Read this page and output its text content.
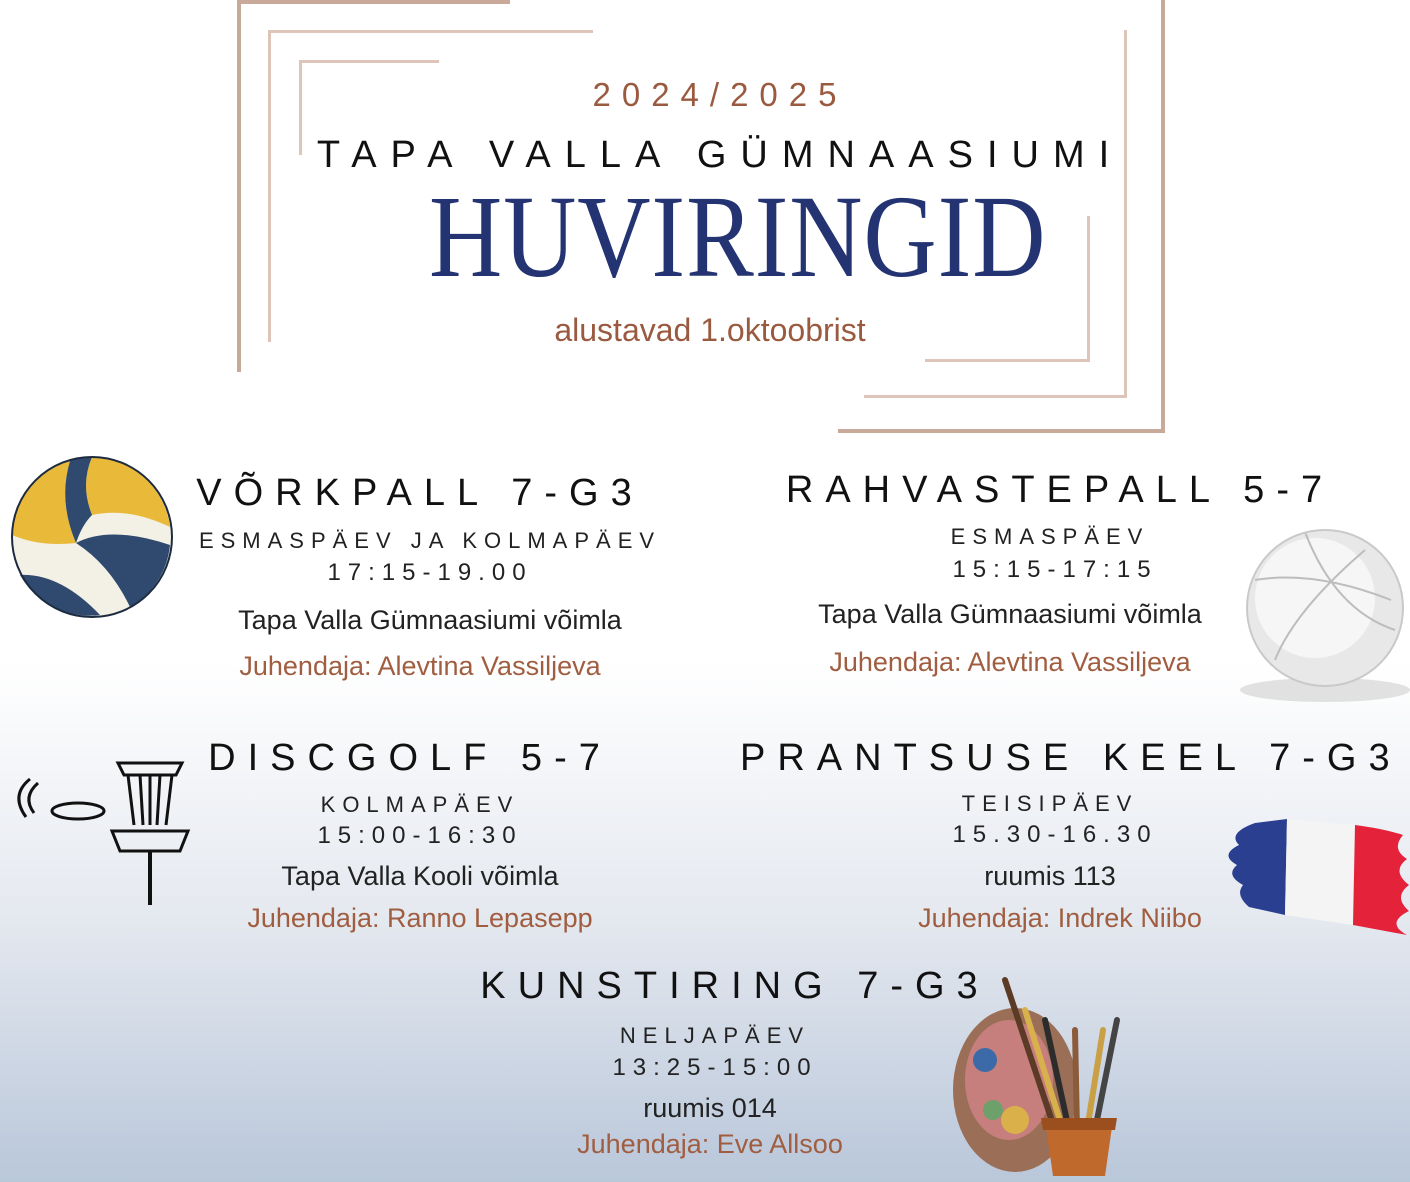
2024/2025
TAPA VALLA GÜMNAASIUMI
HUVIRINGID
alustavad 1.oktoobrist
VÕRKPALL 7-G3
ESMASPÄEV JA KOLMAPÄEV
17:15-19.00
Tapa Valla Gümnaasiumi võimla
Juhendaja: Alevtina Vassiljeva
RAHVASTEPALL 5-7
ESMASPÄEV
15:15-17:15
Tapa Valla Gümnaasiumi võimla
Juhendaja: Alevtina Vassiljeva
DISCGOLF 5-7
KOLMAPÄEV
15:00-16:30
Tapa Valla Kooli võimla
Juhendaja: Ranno Lepasepp
PRANTSUSE KEEL 7-G3
TEISIPÄEV
15.30-16.30
ruumis 113
Juhendaja: Indrek Niibo
KUNSTIRING 7-G3
NELJAPÄEV
13:25-15:00
ruumis 014
Juhendaja: Eve Allsoo
